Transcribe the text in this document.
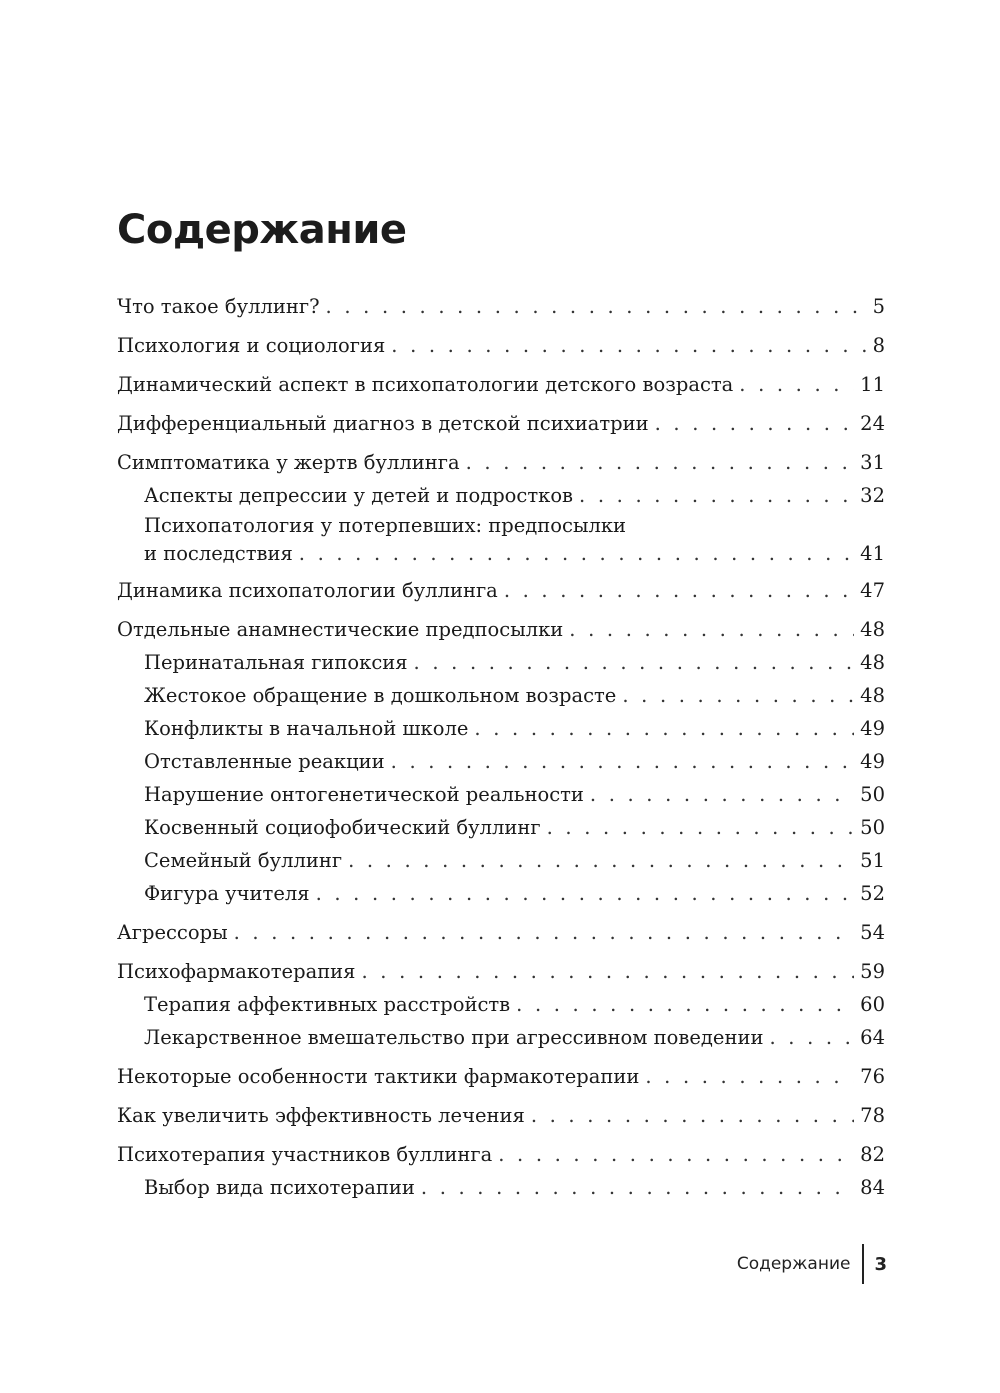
Содержание
Что такое буллинг? . . .	5
Психология и социология . . .	8
Динамический аспект в психопатологии детского возраста . . .	11
Дифференциальный диагноз в детской психиатрии . . .	24
Симптоматика у жертв буллинга . . .	31
Аспекты депрессии у детей и подростков . . .	32
Психопатология у потерпевших: предпосылки
и последствия . . .	41
Динамика психопатологии буллинга . . .	47
Отдельные анамнестические предпосылки . . .	48
Перинатальная гипоксия . . .	48
Жестокое обращение в дошкольном возрасте . . .	48
Конфликты в начальной школе . . .	49
Отставленные реакции . . .	49
Нарушение онтогенетической реальности . . .	50
Косвенный социофобический буллинг . . .	50
Семейный буллинг . . .	51
Фигура учителя . . .	52
Агрессоры . . .	54
Психофармакотерапия . . .	59
Терапия аффективных расстройств . . .	60
Лекарственное вмешательство при агрессивном поведении . . .	64
Некоторые особенности тактики фармакотерапии . . .	76
Как увеличить эффективность лечения . . .	78
Психотерапия участников буллинга . . .	82
Выбор вида психотерапии . . .	84
Содержание 3
